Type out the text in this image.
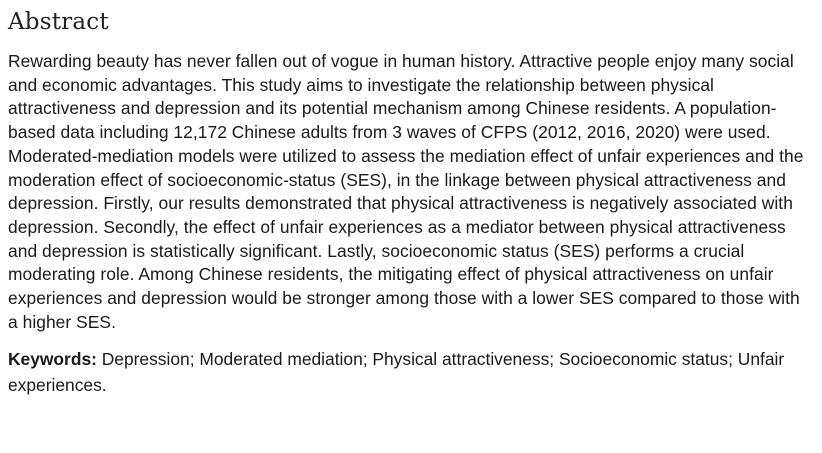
Abstract

Rewarding beauty has never fallen out of vogue in human history. Attractive people enjoy many social and economic advantages. This study aims to investigate the relationship between physical attractiveness and depression and its potential mechanism among Chinese residents. A population-based data including 12,172 Chinese adults from 3 waves of CFPS (2012, 2016, 2020) were used. Moderated-mediation models were utilized to assess the mediation effect of unfair experiences and the moderation effect of socioeconomic-status (SES), in the linkage between physical attractiveness and depression. Firstly, our results demonstrated that physical attractiveness is negatively associated with depression. Secondly, the effect of unfair experiences as a mediator between physical attractiveness and depression is statistically significant. Lastly, socioeconomic status (SES) performs a crucial moderating role. Among Chinese residents, the mitigating effect of physical attractiveness on unfair experiences and depression would be stronger among those with a lower SES compared to those with a higher SES.

Keywords: Depression; Moderated mediation; Physical attractiveness; Socioeconomic status; Unfair experiences.
